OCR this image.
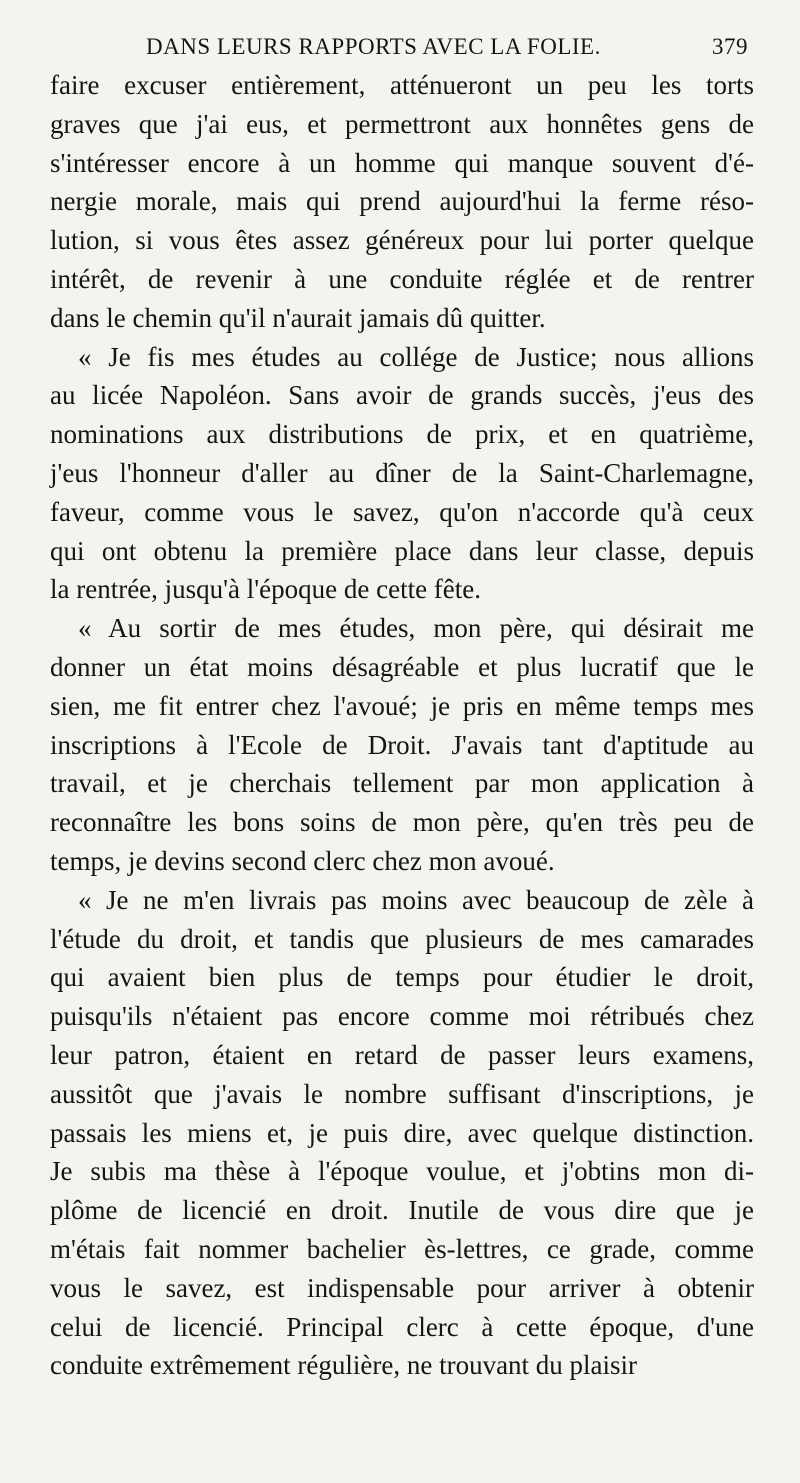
DANS LEURS RAPPORTS AVEC LA FOLIE.	379
faire excuser entièrement, atténueront un peu les torts
graves que j'ai eus, et permettront aux honnêtes gens de
s'intéresser encore à un homme qui manque souvent d'é-
nergie morale, mais qui prend aujourd'hui la ferme réso-
lution, si vous êtes assez généreux pour lui porter quelque
intérêt, de revenir à une conduite réglée et de rentrer
dans le chemin qu'il n'aurait jamais dû quitter.
« Je fis mes études au collége de Justice; nous allions
au licée Napoléon. Sans avoir de grands succès, j'eus des
nominations aux distributions de prix, et en quatrième,
j'eus l'honneur d'aller au dîner de la Saint-Charlemagne,
faveur, comme vous le savez, qu'on n'accorde qu'à ceux
qui ont obtenu la première place dans leur classe, depuis
la rentrée, jusqu'à l'époque de cette fête.
« Au sortir de mes études, mon père, qui désirait me
donner un état moins désagréable et plus lucratif que le
sien, me fit entrer chez l'avoué; je pris en même temps mes
inscriptions à l'Ecole de Droit. J'avais tant d'aptitude au
travail, et je cherchais tellement par mon application à
reconnaître les bons soins de mon père, qu'en très peu de
temps, je devins second clerc chez mon avoué.
« Je ne m'en livrais pas moins avec beaucoup de zèle à
l'étude du droit, et tandis que plusieurs de mes camarades
qui avaient bien plus de temps pour étudier le droit,
puisqu'ils n'étaient pas encore comme moi rétribués chez
leur patron, étaient en retard de passer leurs examens,
aussitôt que j'avais le nombre suffisant d'inscriptions, je
passais les miens et, je puis dire, avec quelque distinction.
Je subis ma thèse à l'époque voulue, et j'obtins mon di-
plôme de licencié en droit. Inutile de vous dire que je
m'étais fait nommer bachelier ès-lettres, ce grade, comme
vous le savez, est indispensable pour arriver à obtenir
celui de licencié. Principal clerc à cette époque, d'une
conduite extrêmement régulière, ne trouvant du plaisir
